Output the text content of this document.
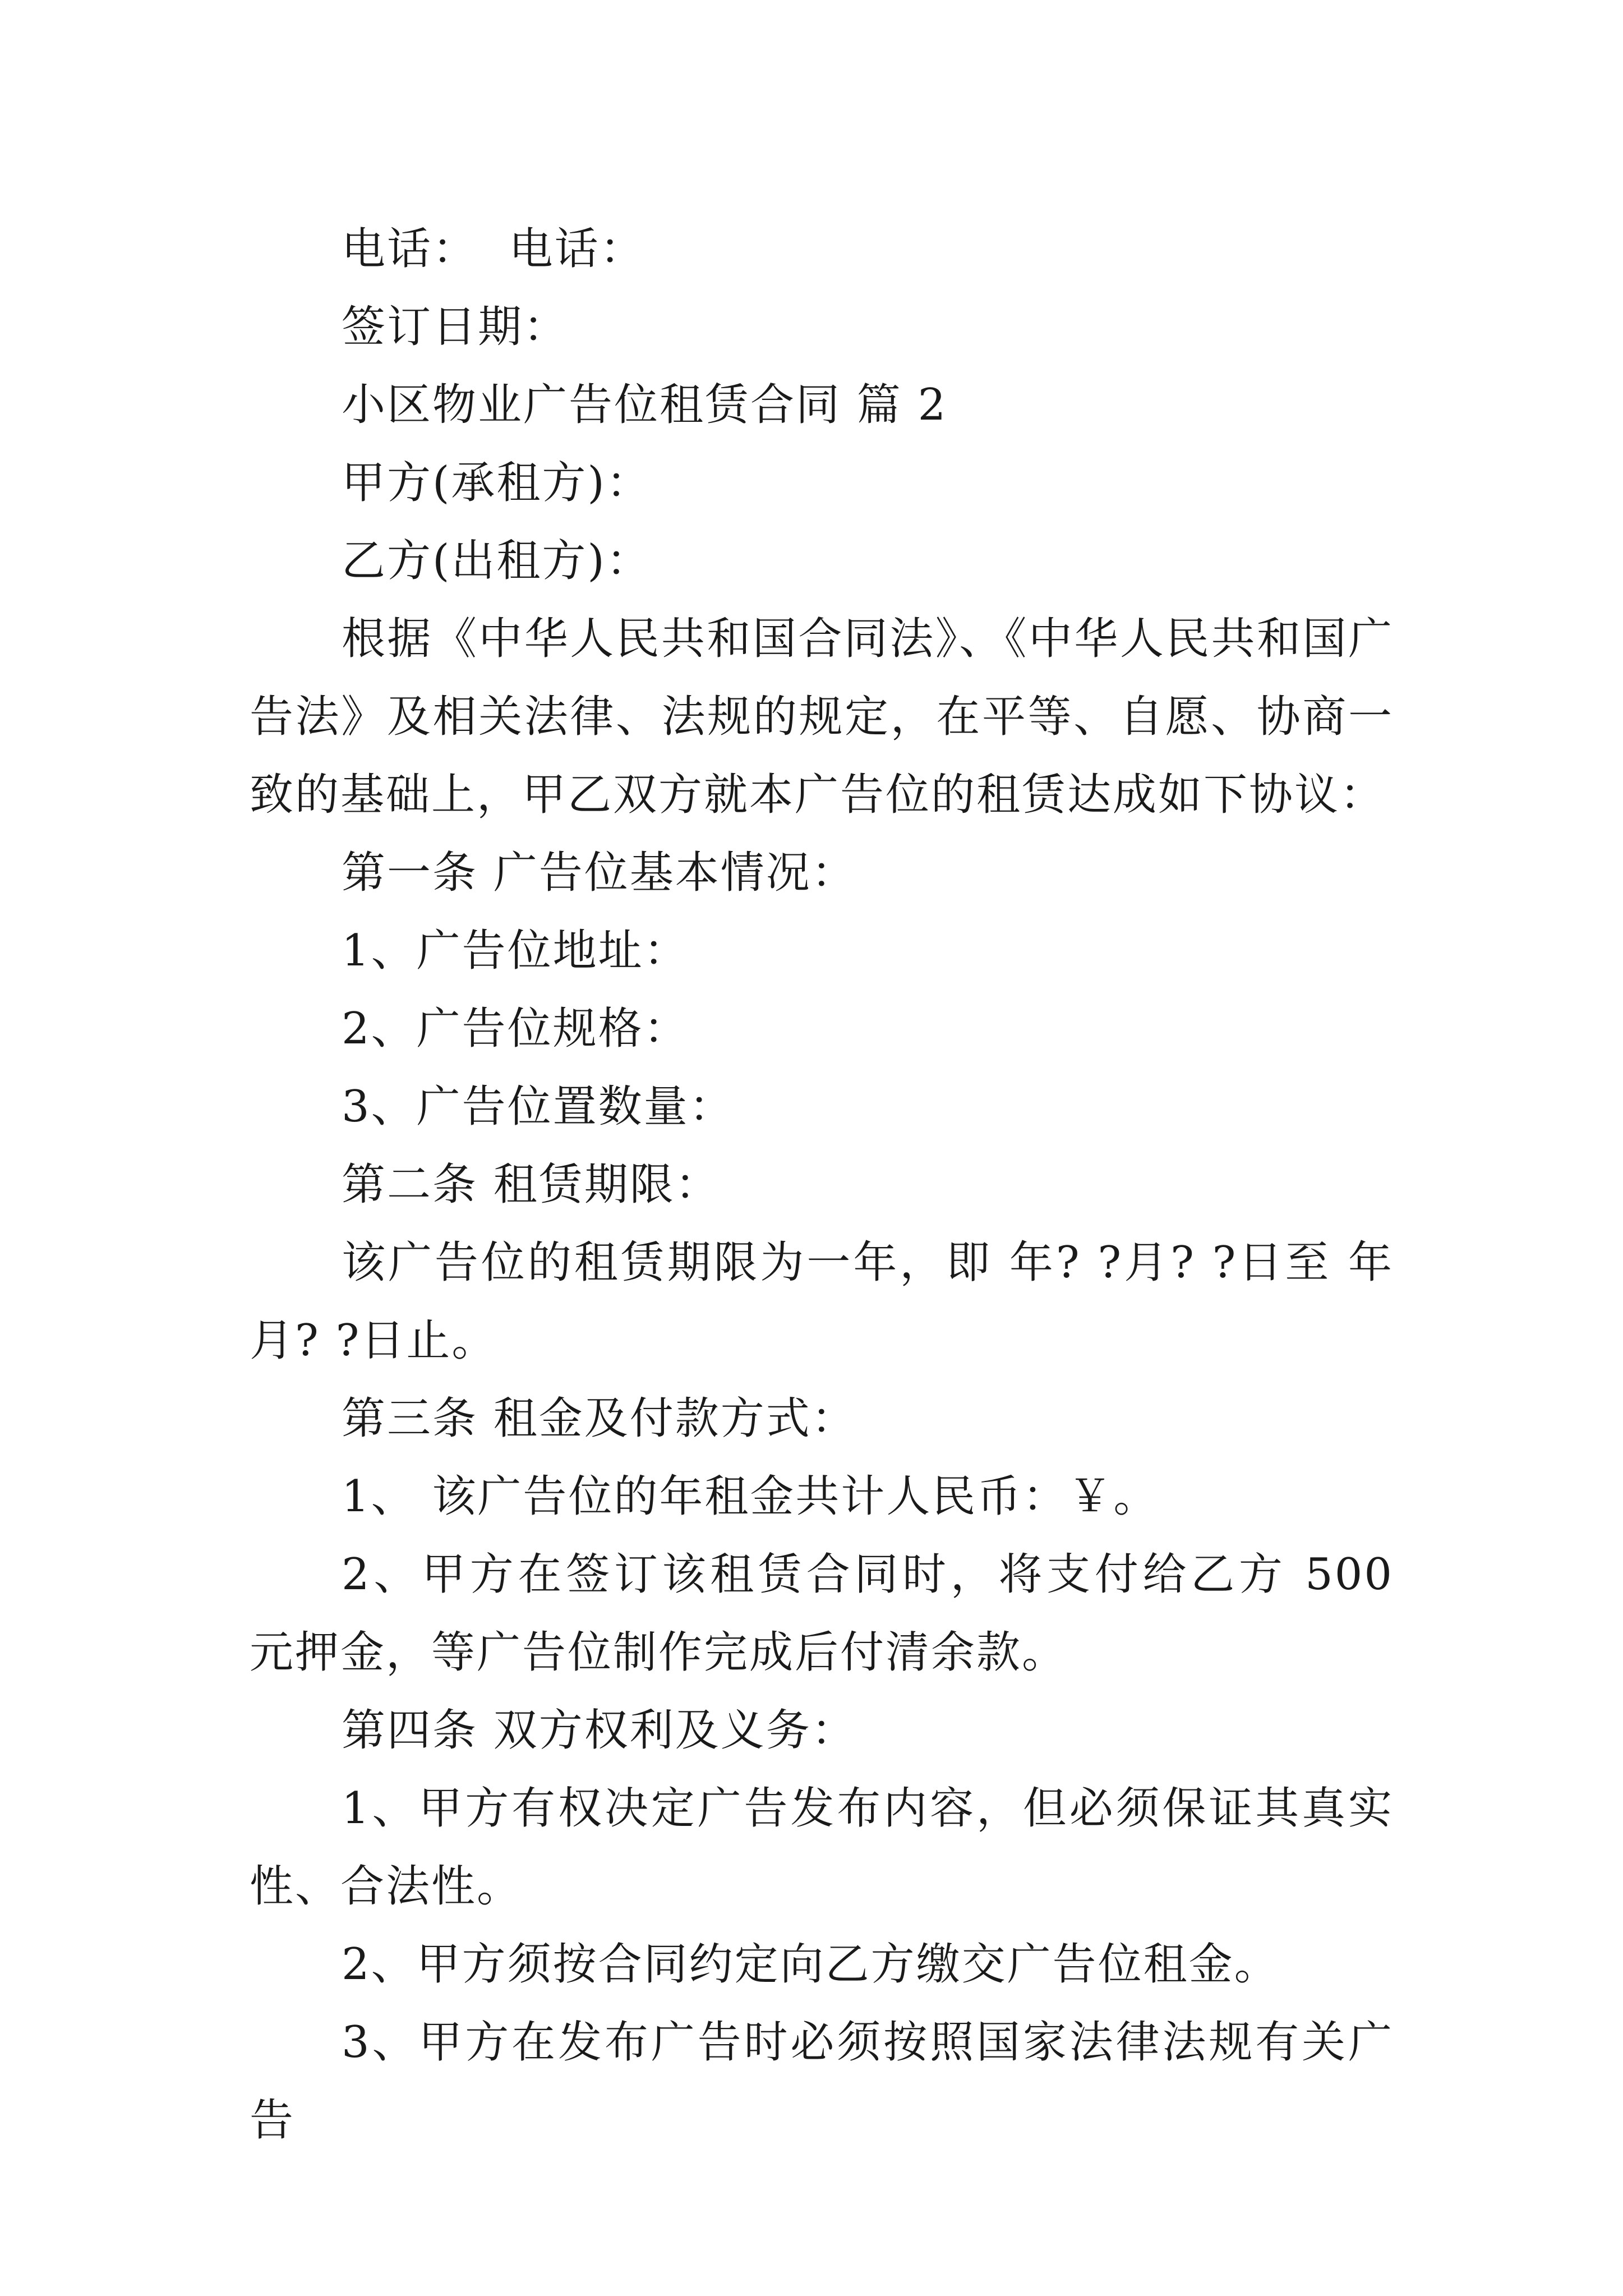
电话：  电话：

签订日期：

小区物业广告位租赁合同 篇 2

甲方(承租方)：

乙方(出租方)：

根据《中华人民共和国合同法》、《中华人民共和国广告法》及相关法律、法规的规定，在平等、自愿、协商一致的基础上，甲乙双方就本广告位的租赁达成如下协议：

第一条 广告位基本情况：

1、广告位地址：

2、广告位规格：

3、广告位置数量：

第二条 租赁期限：

该广告位的租赁期限为一年，即 年? ?月? ?日至 年月? ?日止。

第三条 租金及付款方式：

1、 该广告位的年租金共计人民币：￥。

2、甲方在签订该租赁合同时，将支付给乙方 500 元押金，等广告位制作完成后付清余款。

第四条 双方权利及义务：

1、甲方有权决定广告发布内容，但必须保证其真实性、合法性。

2、甲方须按合同约定向乙方缴交广告位租金。

3、甲方在发布广告时必须按照国家法律法规有关广告
